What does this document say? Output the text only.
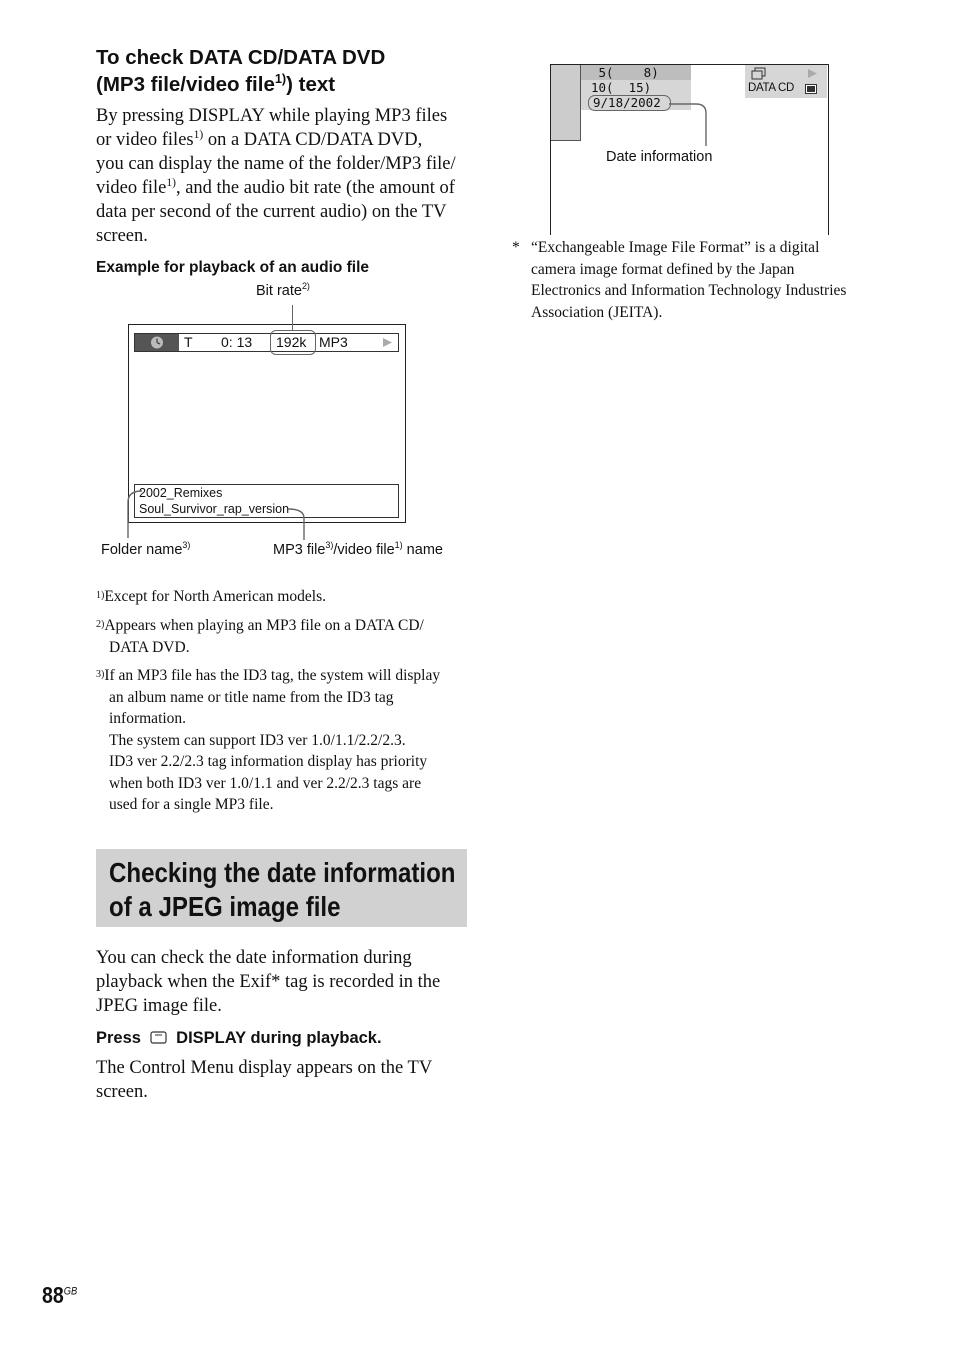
To check DATA CD/DATA DVD
(MP3 file/video file$^{1)}$) text
By pressing DISPLAY while playing MP3 files
or video files$^{1)}$ on a DATA CD/DATA DVD,
you can display the name of the folder/MP3 file/
video file$^{1)}$, and the audio bit rate (the amount of
data per second of the current audio) on the TV
screen.
Example for playback of an audio file
Bit rate$^{2)}$
T 0: 13 192k MP3
2002_Remixes
Soul_Survivor_rap_version
Folder name$^{3)}$	MP3 file$^{3)}$/video file$^{1)}$ name
$^{1)}$Except for North American models.
$^{2)}$Appears when playing an MP3 file on a DATA CD/
DATA DVD.
$^{3)}$If an MP3 file has the ID3 tag, the system will display
an album name or title name from the ID3 tag
information.
The system can support ID3 ver 1.0/1.1/2.2/2.3.
ID3 ver 2.2/2.3 tag information display has priority
when both ID3 ver 1.0/1.1 and ver 2.2/2.3 tags are
used for a single MP3 file.
Checking the date information
of a JPEG image file
You can check the date information during
playback when the Exif* tag is recorded in the
JPEG image file.
Press DISPLAY during playback.
The Control Menu display appears on the TV
screen.
5(    8)
10(  15)
9/18/2002
DATA CD
Date information
* “Exchangeable Image File Format” is a digital
camera image format defined by the Japan
Electronics and Information Technology Industries
Association (JEITA).
$88^{GB}$
